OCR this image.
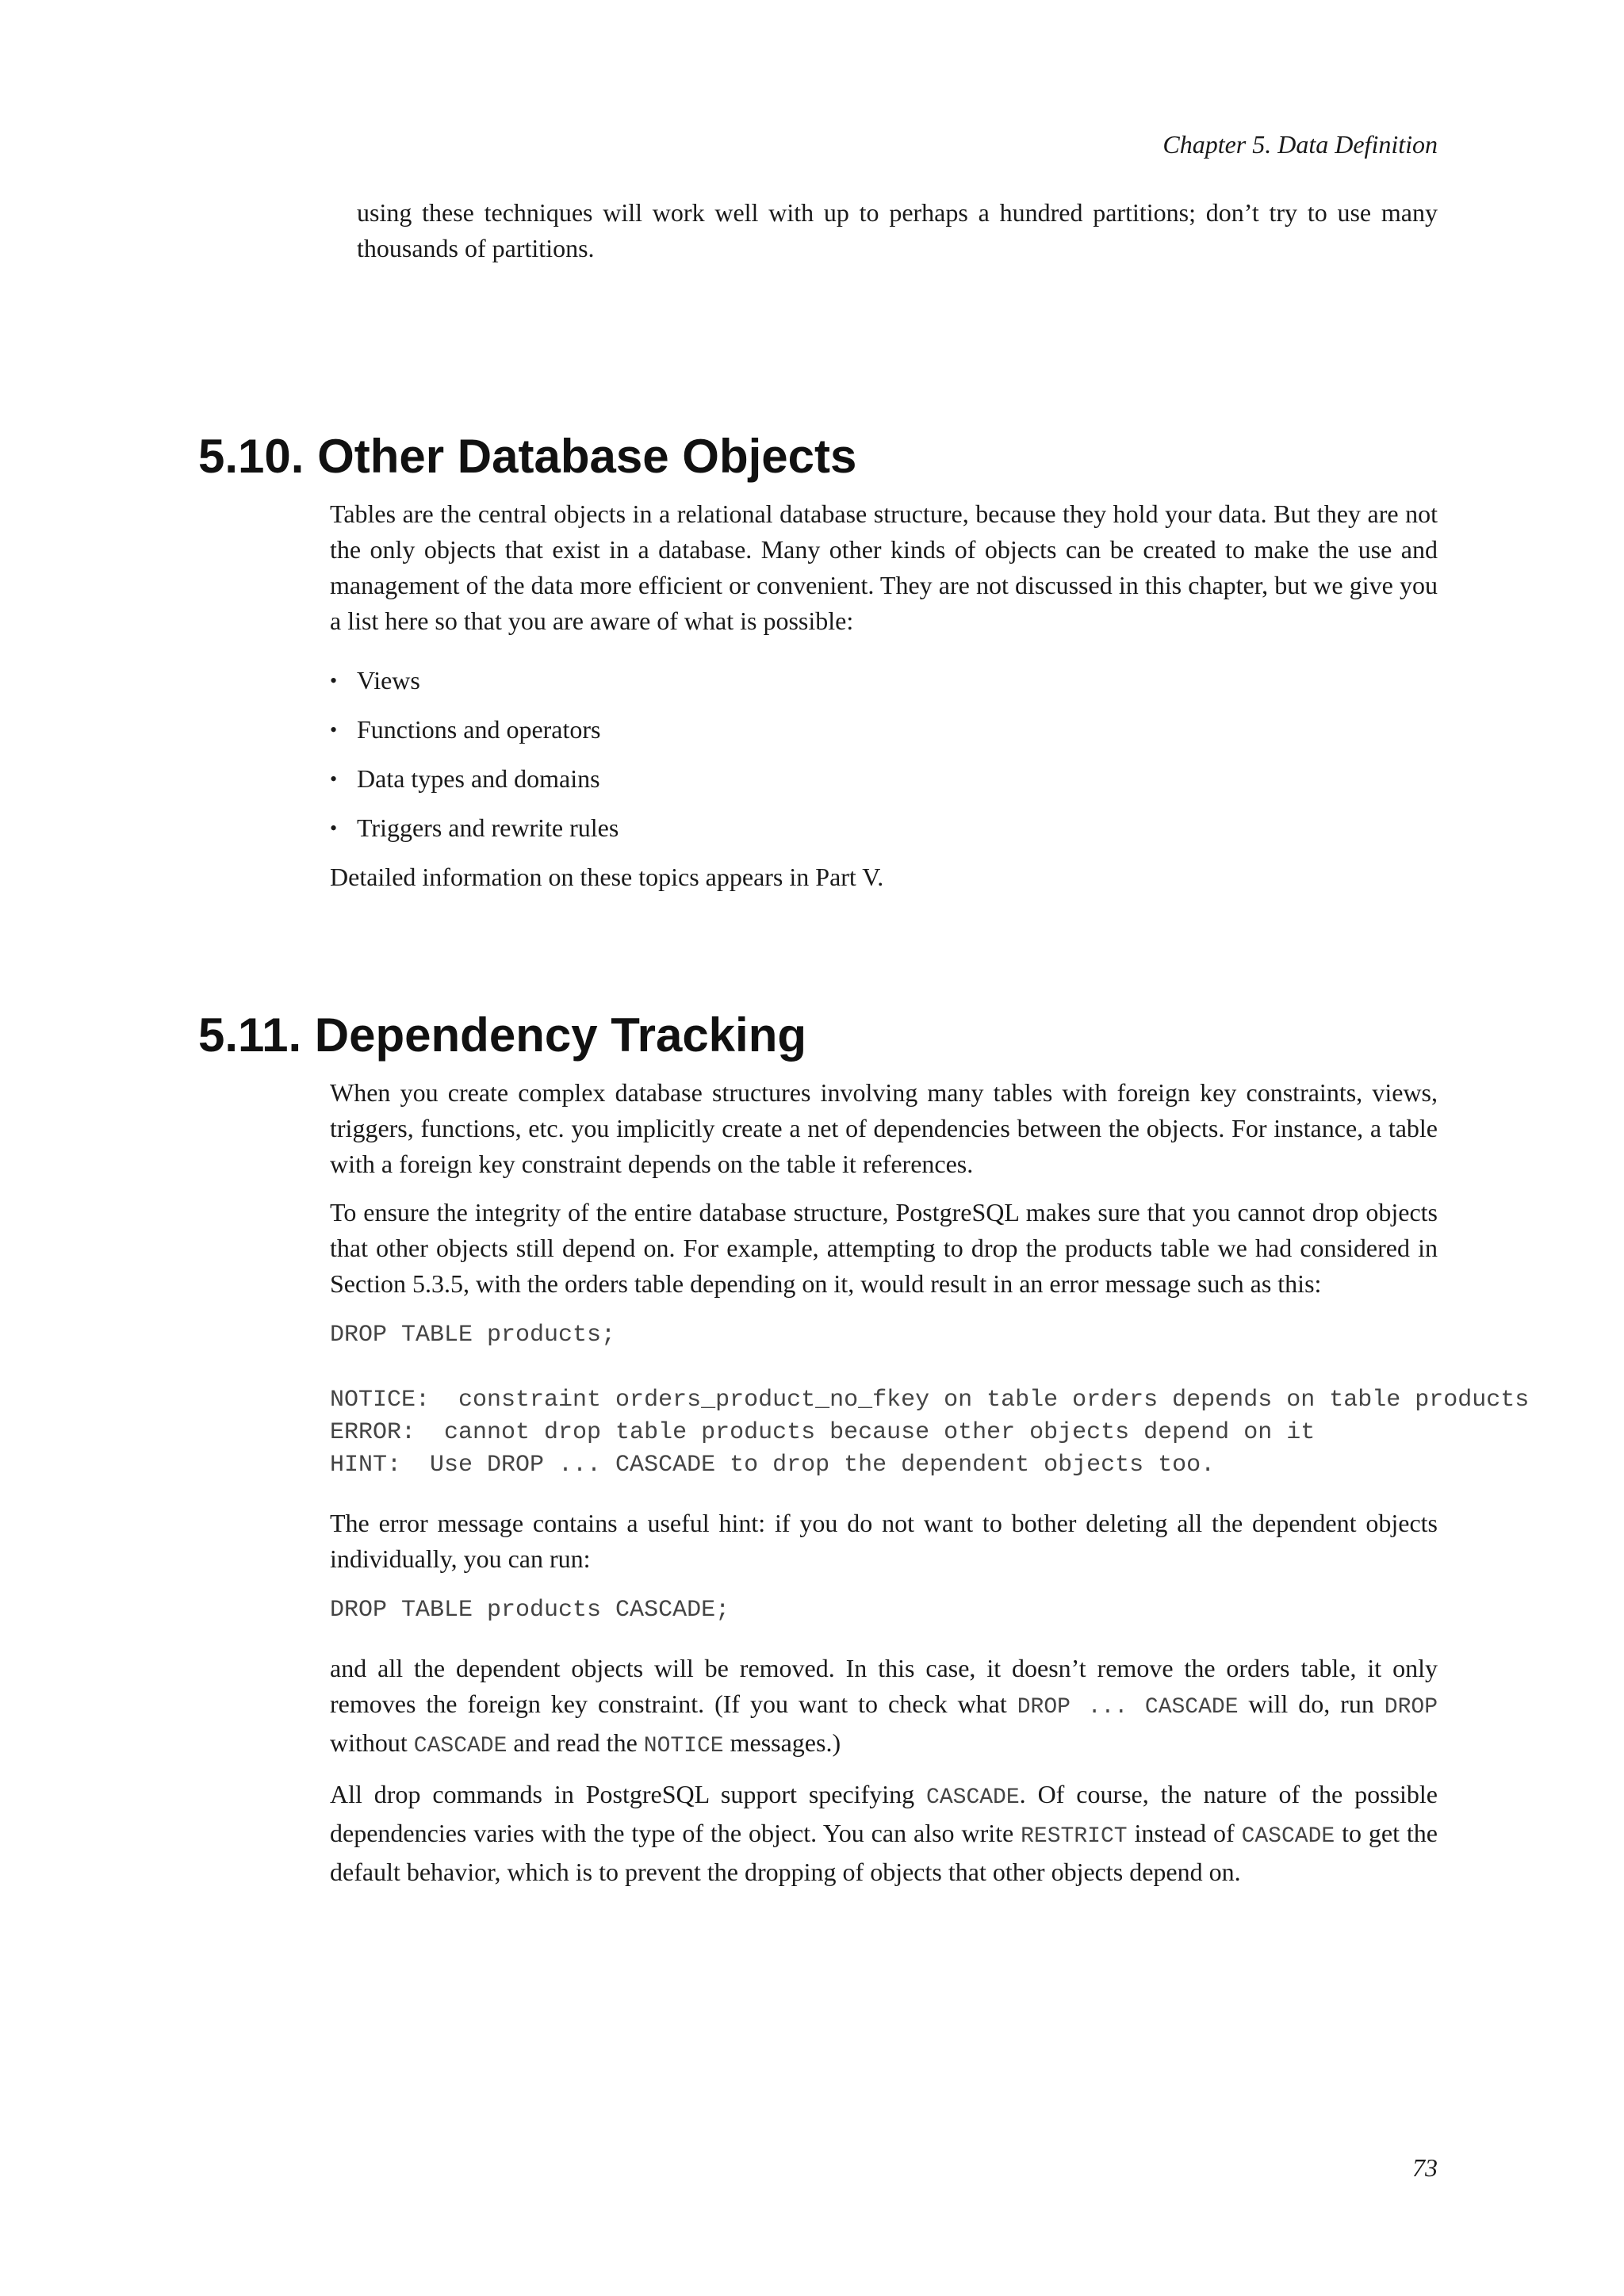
Chapter 5. Data Definition

using these techniques will work well with up to perhaps a hundred partitions; don’t try to use many thousands of partitions.

5.10. Other Database Objects

Tables are the central objects in a relational database structure, because they hold your data. But they are not the only objects that exist in a database. Many other kinds of objects can be created to make the use and management of the data more efficient or convenient. They are not discussed in this chapter, but we give you a list here so that you are aware of what is possible:

• Views
• Functions and operators
• Data types and domains
• Triggers and rewrite rules

Detailed information on these topics appears in Part V.

5.11. Dependency Tracking

When you create complex database structures involving many tables with foreign key constraints, views, triggers, functions, etc. you implicitly create a net of dependencies between the objects. For instance, a table with a foreign key constraint depends on the table it references.

To ensure the integrity of the entire database structure, PostgreSQL makes sure that you cannot drop objects that other objects still depend on. For example, attempting to drop the products table we had considered in Section 5.3.5, with the orders table depending on it, would result in an error message such as this:

DROP TABLE products;

NOTICE:  constraint orders_product_no_fkey on table orders depends on table products
ERROR:  cannot drop table products because other objects depend on it
HINT:  Use DROP ... CASCADE to drop the dependent objects too.

The error message contains a useful hint: if you do not want to bother deleting all the dependent objects individually, you can run:

DROP TABLE products CASCADE;

and all the dependent objects will be removed. In this case, it doesn’t remove the orders table, it only removes the foreign key constraint. (If you want to check what DROP ... CASCADE will do, run DROP without CASCADE and read the NOTICE messages.)

All drop commands in PostgreSQL support specifying CASCADE. Of course, the nature of the possible dependencies varies with the type of the object. You can also write RESTRICT instead of CASCADE to get the default behavior, which is to prevent the dropping of objects that other objects depend on.

73
